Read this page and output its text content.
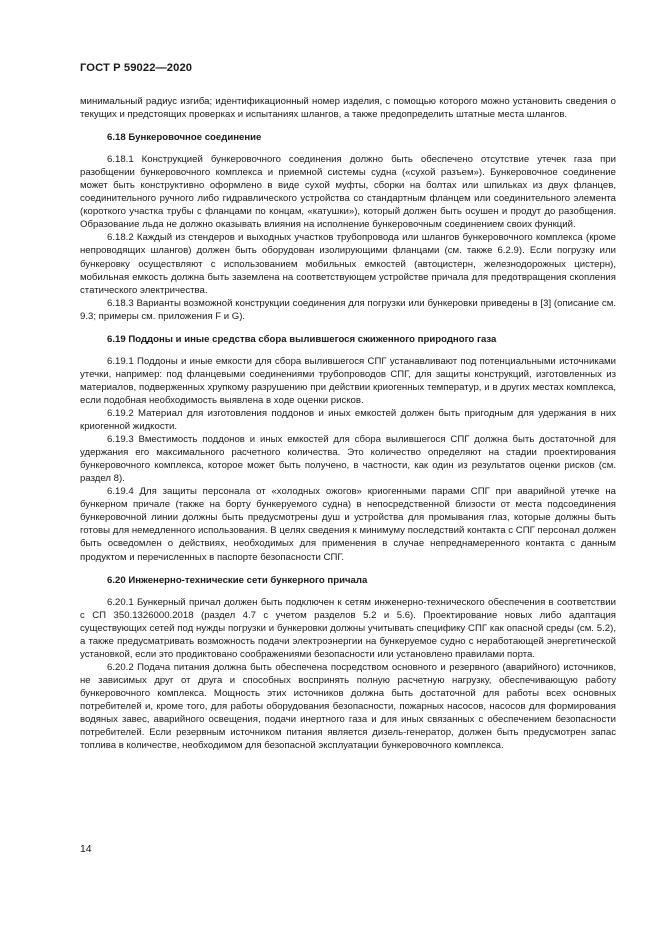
ГОСТ Р 59022—2020

минимальный радиус изгиба; идентификационный номер изделия, с помощью которого можно установить сведения о текущих и предстоящих проверках и испытаниях шлангов, а также предопределить штатные места шлангов.

6.18 Бункеровочное соединение

6.18.1 Конструкцией бункеровочного соединения должно быть обеспечено отсутствие утечек газа при разобщении бункеровочного комплекса и приемной системы судна («сухой разъем»). Бункеровочное соединение может быть конструктивно оформлено в виде сухой муфты, сборки на болтах или шпильках из двух фланцев, соединительного ручного либо гидравлического устройства со стандартным фланцем или соединительного элемента (короткого участка трубы с фланцами по концам, «катушки»), который должен быть осушен и продут до разобщения. Образование льда не должно оказывать влияния на исполнение бункеровочным соединением своих функций.

6.18.2 Каждый из стендеров и выходных участков трубопровода или шлангов бункеровочного комплекса (кроме непроводящих шлангов) должен быть оборудован изолирующими фланцами (см. также 6.2.9). Если погрузку или бункеровку осуществляют с использованием мобильных емкостей (автоцистерн, железнодорожных цистерн), мобильная емкость должна быть заземлена на соответствующем устройстве причала для предотвращения скопления статического электричества.

6.18.3 Варианты возможной конструкции соединения для погрузки или бункеровки приведены в [3] (описание см. 9.3; примеры см. приложения F и G).

6.19 Поддоны и иные средства сбора вылившегося сжиженного природного газа

6.19.1 Поддоны и иные емкости для сбора вылившегося СПГ устанавливают под потенциальными источниками утечки, например: под фланцевыми соединениями трубопроводов СПГ, для защиты конструкций, изготовленных из материалов, подверженных хрупкому разрушению при действии криогенных температур, и в других местах комплекса, если подобная необходимость выявлена в ходе оценки рисков.

6.19.2 Материал для изготовления поддонов и иных емкостей должен быть пригодным для удержания в них криогенной жидкости.

6.19.3 Вместимость поддонов и иных емкостей для сбора вылившегося СПГ должна быть достаточной для удержания его максимального расчетного количества. Это количество определяют на стадии проектирования бункеровочного комплекса, которое может быть получено, в частности, как один из результатов оценки рисков (см. раздел 8).

6.19.4 Для защиты персонала от «холодных ожогов» криогенными парами СПГ при аварийной утечке на бункерном причале (также на борту бункеруемого судна) в непосредственной близости от места подсоединения бункеровочной линии должны быть предусмотрены душ и устройства для промывания глаз, которые должны быть готовы для немедленного использования. В целях сведения к минимуму последствий контакта с СПГ персонал должен быть осведомлен о действиях, необходимых для применения в случае непреднамеренного контакта с данным продуктом и перечисленных в паспорте безопасности СПГ.

6.20 Инженерно-технические сети бункерного причала

6.20.1 Бункерный причал должен быть подключен к сетям инженерно-технического обеспечения в соответствии с СП 350.1326000.2018 (раздел 4.7 с учетом разделов 5.2 и 5.6). Проектирование новых либо адаптация существующих сетей под нужды погрузки и бункеровки должны учитывать специфику СПГ как опасной среды (см. 5.2), а также предусматривать возможность подачи электроэнергии на бункеруемое судно с неработающей энергетической установкой, если это продиктовано соображениями безопасности или установлено правилами порта.

6.20.2 Подача питания должна быть обеспечена посредством основного и резервного (аварийного) источников, не зависимых друг от друга и способных воспринять полную расчетную нагрузку, обеспечивающую работу бункеровочного комплекса. Мощность этих источников должна быть достаточной для работы всех основных потребителей и, кроме того, для работы оборудования безопасности, пожарных насосов, насосов для формирования водяных завес, аварийного освещения, подачи инертного газа и для иных связанных с обеспечением безопасности потребителей. Если резервным источником питания является дизель-генератор, должен быть предусмотрен запас топлива в количестве, необходимом для безопасной эксплуатации бункеровочного комплекса.

14
